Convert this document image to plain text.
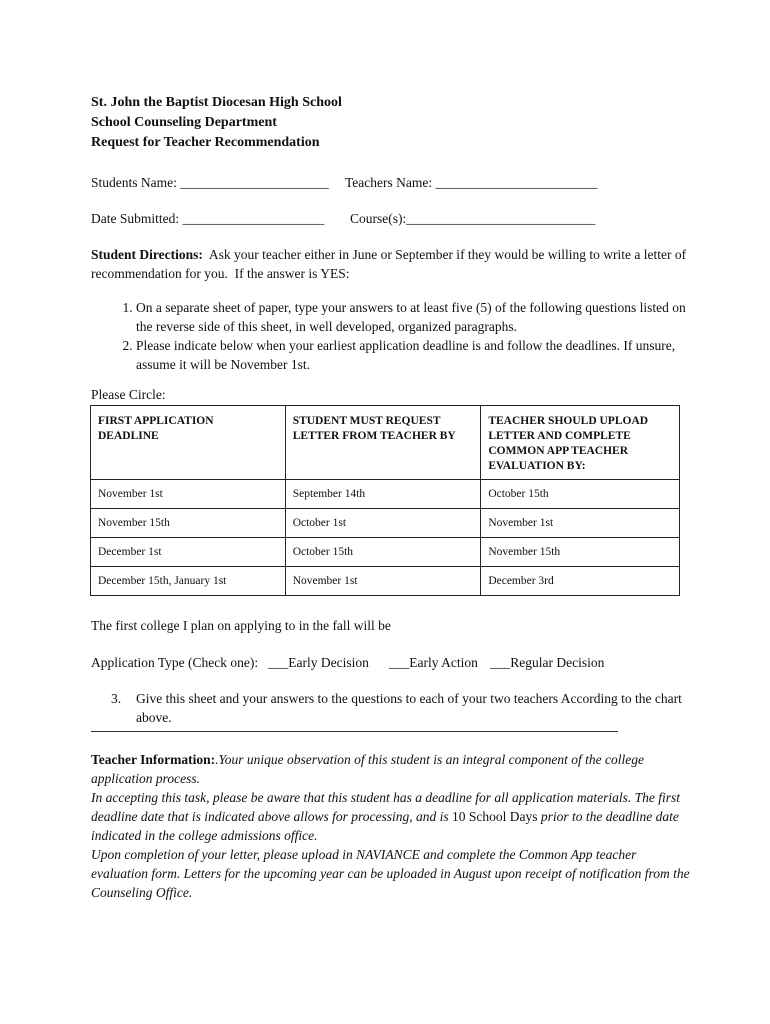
St. John the Baptist Diocesan High School
School Counseling Department
Request for Teacher Recommendation
Students Name: ______________________ Teachers Name: ________________________
Date Submitted: _____________________ Course(s):____________________________
Student Directions:  Ask your teacher either in June or September if they would be willing to write a letter of recommendation for you.  If the answer is YES:
1. On a separate sheet of paper, type your answers to at least five (5) of the following questions listed on the reverse side of this sheet, in well developed, organized paragraphs.
2. Please indicate below when your earliest application deadline is and follow the deadlines. If unsure, assume it will be November 1st.
Please Circle:
FIRST APPLICATION DEADLINE	STUDENT MUST REQUEST LETTER FROM TEACHER BY	TEACHER SHOULD UPLOAD LETTER AND COMPLETE COMMON APP TEACHER EVALUATION BY:
November 1st	September 14th	October 15th
November 15th	October 1st	November 1st
December 1st	October 15th	November 15th
December 15th, January 1st	November 1st	December 3rd
The first college I plan on applying to in the fall will be
Application Type (Check one): ___Early Decision ___Early Action ___Regular Decision
3. Give this sheet and your answers to the questions to each of your two teachers According to the chart above.
Teacher Information:.Your unique observation of this student is an integral component of the college application process.
In accepting this task, please be aware that this student has a deadline for all application materials. The first deadline date that is indicated above allows for processing, and is 10 School Days prior to the deadline date indicated in the college admissions office.
Upon completion of your letter, please upload in NAVIANCE and complete the Common App teacher evaluation form. Letters for the upcoming year can be uploaded in August upon receipt of notification from the Counseling Office.
